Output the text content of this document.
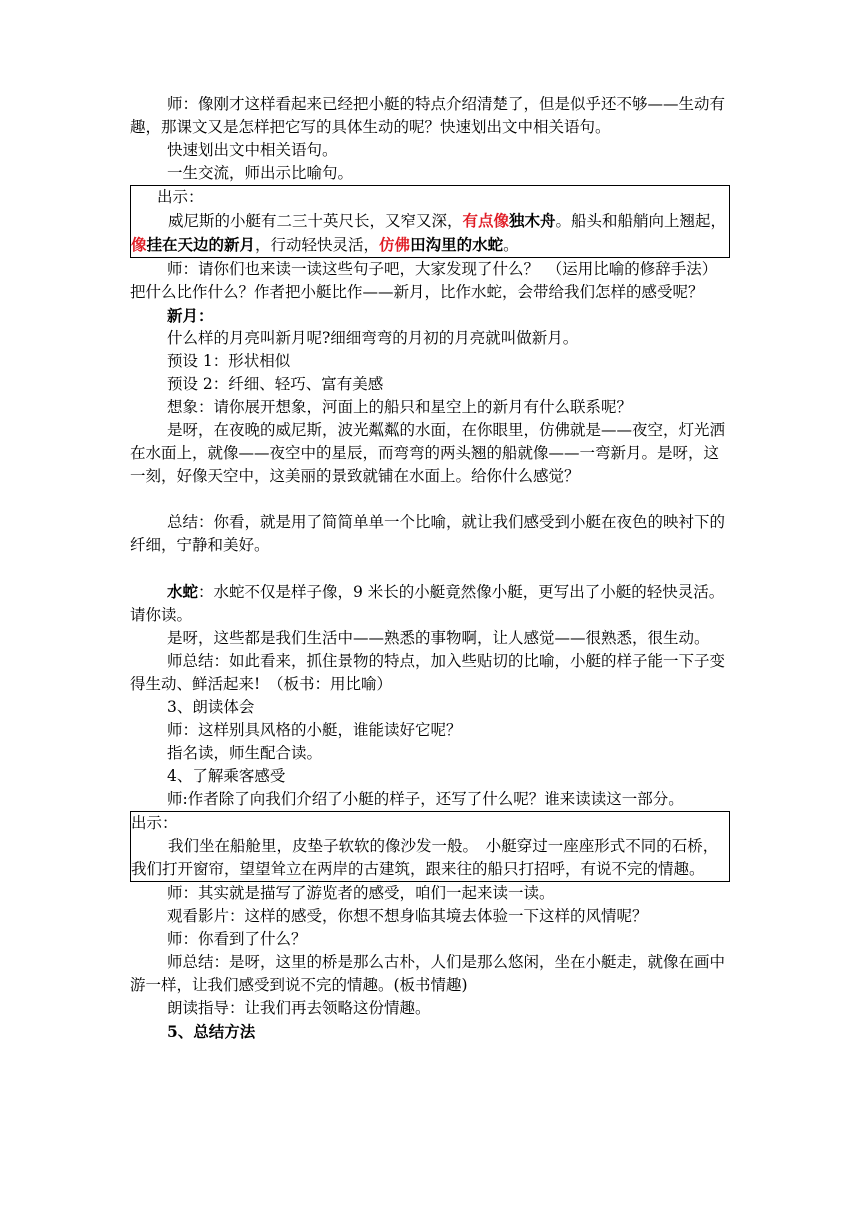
师：像刚才这样看起来已经把小艇的特点介绍清楚了，但是似乎还不够——生动有趣，那课文又是怎样把它写的具体生动的呢？快速划出文中相关语句。

快速划出文中相关语句。

一生交流，师出示比喻句。

出示：

威尼斯的小艇有二三十英尺长，又窄又深，有点像独木舟。船头和船艄向上翘起，像挂在天边的新月，行动轻快灵活，仿佛田沟里的水蛇。

师：请你们也来读一读这些句子吧，大家发现了什么？　（运用比喻的修辞手法）把什么比作什么？作者把小艇比作——新月，比作水蛇，会带给我们怎样的感受呢？

新月：

什么样的月亮叫新月呢?细细弯弯的月初的月亮就叫做新月。

预设 1：形状相似

预设 2：纤细、轻巧、富有美感

想象：请你展开想象，河面上的船只和星空上的新月有什么联系呢？

是呀，在夜晚的威尼斯，波光粼粼的水面，在你眼里，仿佛就是——夜空，灯光洒在水面上，就像——夜空中的星辰，而弯弯的两头翘的船就像——一弯新月。是呀，这一刻，好像天空中，这美丽的景致就铺在水面上。给你什么感觉？

总结：你看，就是用了简简单单一个比喻，就让我们感受到小艇在夜色的映衬下的纤细，宁静和美好。

水蛇：水蛇不仅是样子像，9 米长的小艇竟然像小艇，更写出了小艇的轻快灵活。请你读。

是呀，这些都是我们生活中——熟悉的事物啊，让人感觉——很熟悉，很生动。

师总结：如此看来，抓住景物的特点，加入些贴切的比喻，小艇的样子能一下子变得生动、鲜活起来!　（板书：用比喻）

3、朗读体会

师：这样别具风格的小艇，谁能读好它呢？

指名读，师生配合读。

4、了解乘客感受

师:作者除了向我们介绍了小艇的样子，还写了什么呢？谁来读读这一部分。

出示：

我们坐在船舱里，皮垫子软软的像沙发一般。　小艇穿过一座座形式不同的石桥，我们打开窗帘，望望耸立在两岸的古建筑，跟来往的船只打招呼，有说不完的情趣。

师：其实就是描写了游览者的感受，咱们一起来读一读。

观看影片：这样的感受，你想不想身临其境去体验一下这样的风情呢？

师：你看到了什么？

师总结：是呀，这里的桥是那么古朴，人们是那么悠闲，坐在小艇走，就像在画中游一样，让我们感受到说不完的情趣。(板书情趣)

朗读指导：让我们再去领略这份情趣。

5、总结方法
